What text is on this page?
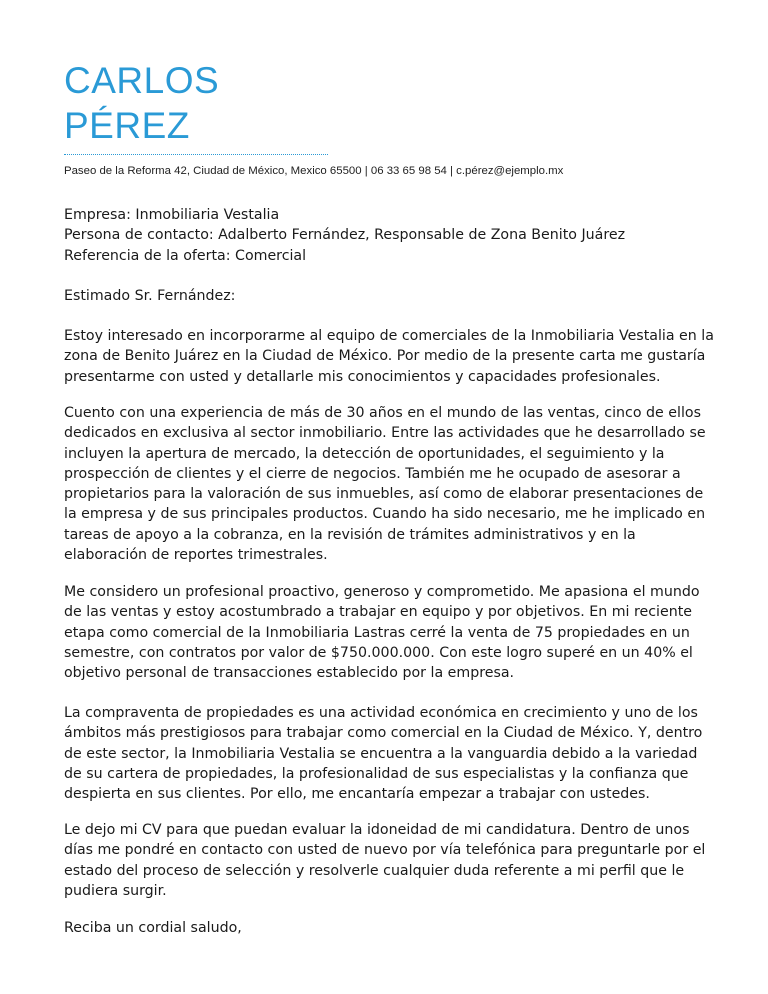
CARLOS
PÉREZ
Paseo de la Reforma 42, Ciudad de México, Mexico 65500 | 06 33 65 98 54 | c.pérez@ejemplo.mx
Empresa: Inmobiliaria Vestalia
Persona de contacto: Adalberto Fernández, Responsable de Zona Benito Juárez
Referencia de la oferta: Comercial
Estimado Sr. Fernández:
Estoy interesado en incorporarme al equipo de comerciales de la Inmobiliaria Vestalia en la
zona de Benito Juárez en la Ciudad de México. Por medio de la presente carta me gustaría
presentarme con usted y detallarle mis conocimientos y capacidades profesionales.
Cuento con una experiencia de más de 30 años en el mundo de las ventas, cinco de ellos
dedicados en exclusiva al sector inmobiliario. Entre las actividades que he desarrollado se
incluyen la apertura de mercado, la detección de oportunidades, el seguimiento y la
prospección de clientes y el cierre de negocios. También me he ocupado de asesorar a
propietarios para la valoración de sus inmuebles, así como de elaborar presentaciones de
la empresa y de sus principales productos. Cuando ha sido necesario, me he implicado en
tareas de apoyo a la cobranza, en la revisión de trámites administrativos y en la
elaboración de reportes trimestrales.
Me considero un profesional proactivo, generoso y comprometido. Me apasiona el mundo
de las ventas y estoy acostumbrado a trabajar en equipo y por objetivos. En mi reciente
etapa como comercial de la Inmobiliaria Lastras cerré la venta de 75 propiedades en un
semestre, con contratos por valor de $750.000.000. Con este logro superé en un 40% el
objetivo personal de transacciones establecido por la empresa.
La compraventa de propiedades es una actividad económica en crecimiento y uno de los
ámbitos más prestigiosos para trabajar como comercial en la Ciudad de México. Y, dentro
de este sector, la Inmobiliaria Vestalia se encuentra a la vanguardia debido a la variedad
de su cartera de propiedades, la profesionalidad de sus especialistas y la confianza que
despierta en sus clientes. Por ello, me encantaría empezar a trabajar con ustedes.
Le dejo mi CV para que puedan evaluar la idoneidad de mi candidatura. Dentro de unos
días me pondré en contacto con usted de nuevo por vía telefónica para preguntarle por el
estado del proceso de selección y resolverle cualquier duda referente a mi perfil que le
pudiera surgir.
Reciba un cordial saludo,
